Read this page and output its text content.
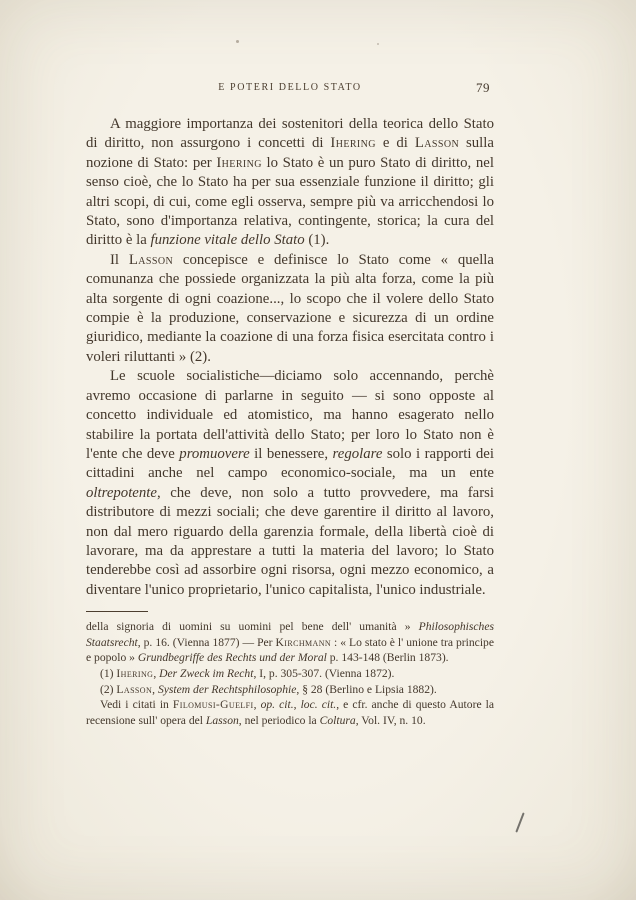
E POTERI DELLO STATO	79

A maggiore importanza dei sostenitori della teorica dello Stato di diritto, non assurgono i concetti di Ihering e di Lasson sulla nozione di Stato: per Ihering lo Stato è un puro Stato di diritto, nel senso cioè, che lo Stato ha per sua essenziale funzione il diritto; gli altri scopi, di cui, come egli osserva, sempre più va arricchendosi lo Stato, sono d'importanza relativa, contingente, storica; la cura del diritto è la funzione vitale dello Stato (1).

Il Lasson concepisce e definisce lo Stato come « quella comunanza che possiede organizzata la più alta forza, come la più alta sorgente di ogni coazione..., lo scopo che il volere dello Stato compie è la produzione, conservazione e sicurezza di un ordine giuridico, mediante la coazione di una forza fisica esercitata contro i voleri riluttanti » (2).

Le scuole socialistiche—diciamo solo accennando, perchè avremo occasione di parlarne in seguito — si sono opposte al concetto individuale ed atomistico, ma hanno esagerato nello stabilire la portata dell'attività dello Stato; per loro lo Stato non è l'ente che deve promuovere il benessere, regolare solo i rapporti dei cittadini anche nel campo economico-sociale, ma un ente oltrepotente, che deve, non solo a tutto provvedere, ma farsi distributore di mezzi sociali; che deve garentire il diritto al lavoro, non dal mero riguardo della garenzia formale, della libertà cioè di lavorare, ma da apprestare a tutti la materia del lavoro; lo Stato tenderebbe così ad assorbire ogni risorsa, ogni mezzo economico, a diventare l'unico proprietario, l'unico capitalista, l'unico industriale.

della signoria di uomini su uomini pel bene dell' umanità » Philosophisches Staatsrecht, p. 16. (Vienna 1877) — Per Kirchmann : « Lo stato è l' unione tra principe e popolo » Grundbegriffe des Rechts und der Moral p. 143-148 (Berlin 1873).

(1) Ihering, Der Zweck im Recht, I, p. 305-307. (Vienna 1872).

(2) Lasson, System der Rechtsphilosophie, § 28 (Berlino e Lipsia 1882).

Vedi i citati in Filomusi-Guelfi, op. cit., loc. cit., e cfr. anche di questo Autore la recensione sull' opera del Lasson, nel periodico la Coltura, Vol. IV, n. 10.
